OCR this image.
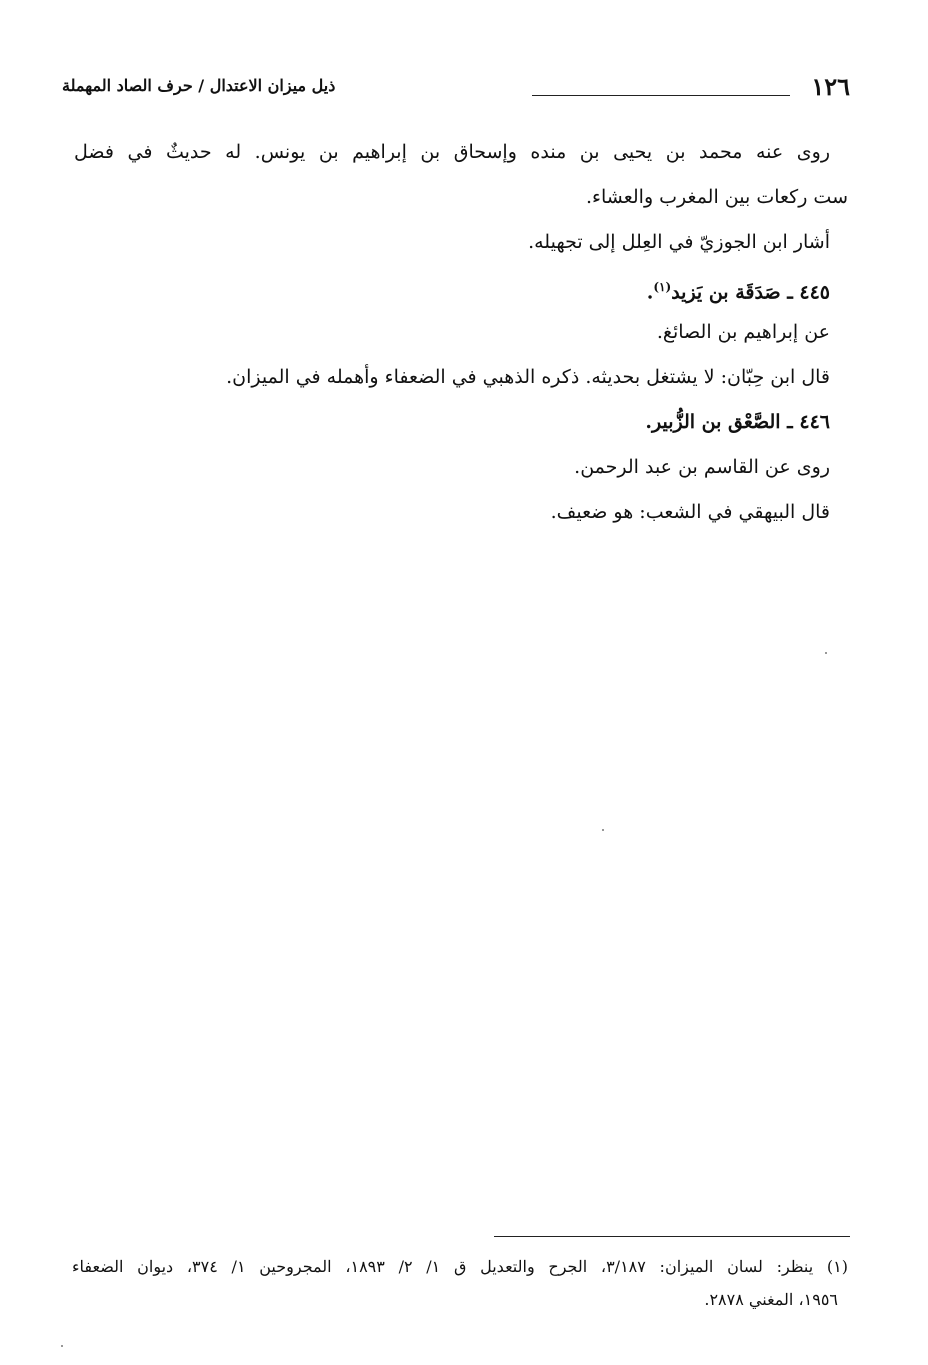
١٢٦
ذيل ميزان الاعتدال / حرف الصاد المهملة
روى عنه محمد بن يحيى بن منده وإسحاق بن إبراهيم بن يونس. له حديثٌ في فضل
ست ركعات بين المغرب والعشاء.
أشار ابن الجوزيّ في العِلل إلى تجهيله.
٤٤٥ ـ صَدَقَة بن يَزيد$^{(١)}$.
عن إبراهيم بن الصائغ.
قال ابن حِبّان: لا يشتغل بحديثه. ذكره الذهبي في الضعفاء وأهمله في الميزان.
٤٤٦ ـ الصَّعْق بن الزُّبير.
روى عن القاسم بن عبد الرحمن.
قال البيهقي في الشعب: هو ضعيف.
(١) ينظر: لسان الميزان: ٣/١٨٧، الجرح والتعديل ق ١/ ٢/ ١٨٩٣، المجروحين ١/ ٣٧٤، ديوان الضعفاء
١٩٥٦، المغني ٢٨٧٨.
